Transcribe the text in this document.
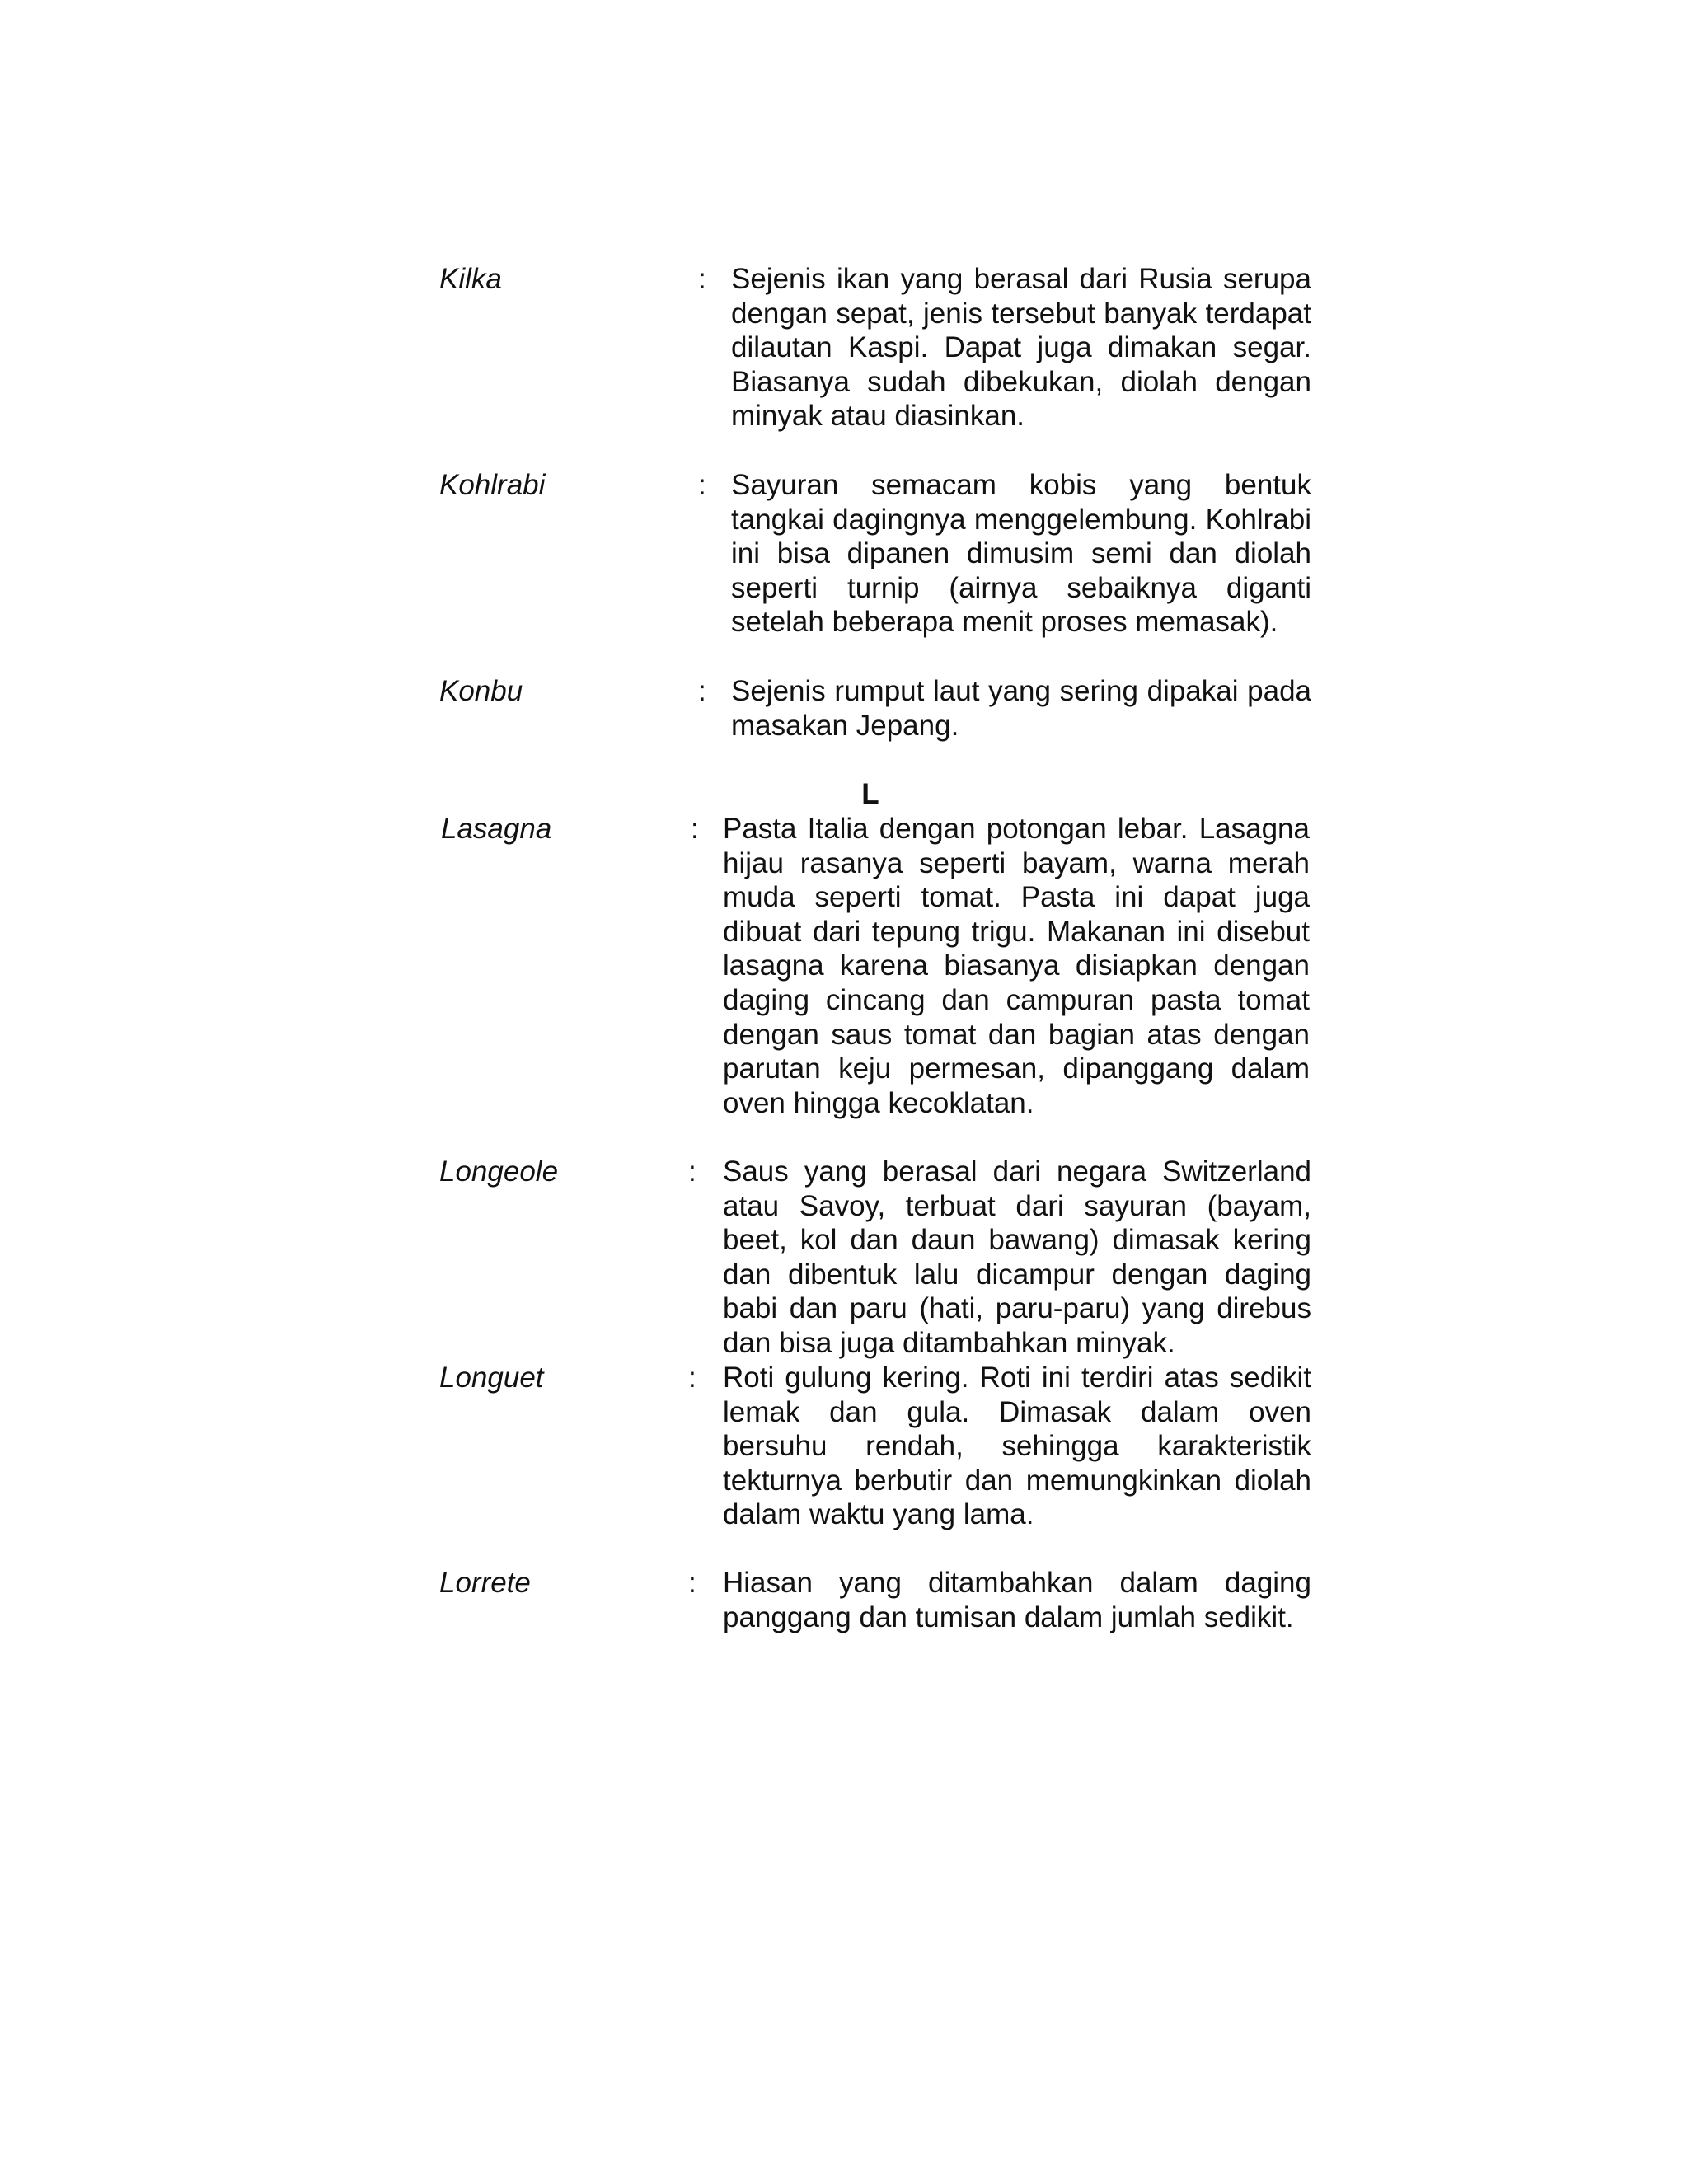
Kilka	: Sejenis ikan yang berasal dari Rusia serupa dengan sepat, jenis tersebut banyak terdapat dilautan Kaspi. Dapat juga dimakan segar. Biasanya sudah dibekukan, diolah dengan minyak atau diasinkan.
Kohlrabi	: Sayuran semacam kobis yang bentuk tangkai dagingnya menggelembung. Kohlrabi ini bisa dipanen dimusim semi dan diolah seperti turnip (airnya sebaiknya diganti setelah beberapa menit proses memasak).
Konbu	: Sejenis rumput laut yang sering dipakai pada masakan Jepang.
L
Lasagna	: Pasta Italia dengan potongan lebar. Lasagna hijau rasanya seperti bayam, warna merah muda seperti tomat. Pasta ini dapat juga dibuat dari tepung trigu. Makanan ini disebut lasagna karena biasanya disiapkan dengan daging cincang dan campuran pasta tomat dengan saus tomat dan bagian atas dengan parutan keju permesan, dipanggang dalam oven hingga kecoklatan.
Longeole	: Saus yang berasal dari negara Switzerland atau Savoy, terbuat dari sayuran (bayam, beet, kol dan daun bawang) dimasak kering dan dibentuk lalu dicampur dengan daging babi dan paru (hati, paru-paru) yang direbus dan bisa juga ditambahkan minyak.
Longuet	: Roti gulung kering. Roti ini terdiri atas sedikit lemak dan gula. Dimasak dalam oven bersuhu rendah, sehingga karakteristik tekturnya berbutir dan memungkinkan diolah dalam waktu yang lama.
Lorrete	: Hiasan yang ditambahkan dalam daging panggang dan tumisan dalam jumlah sedikit.
